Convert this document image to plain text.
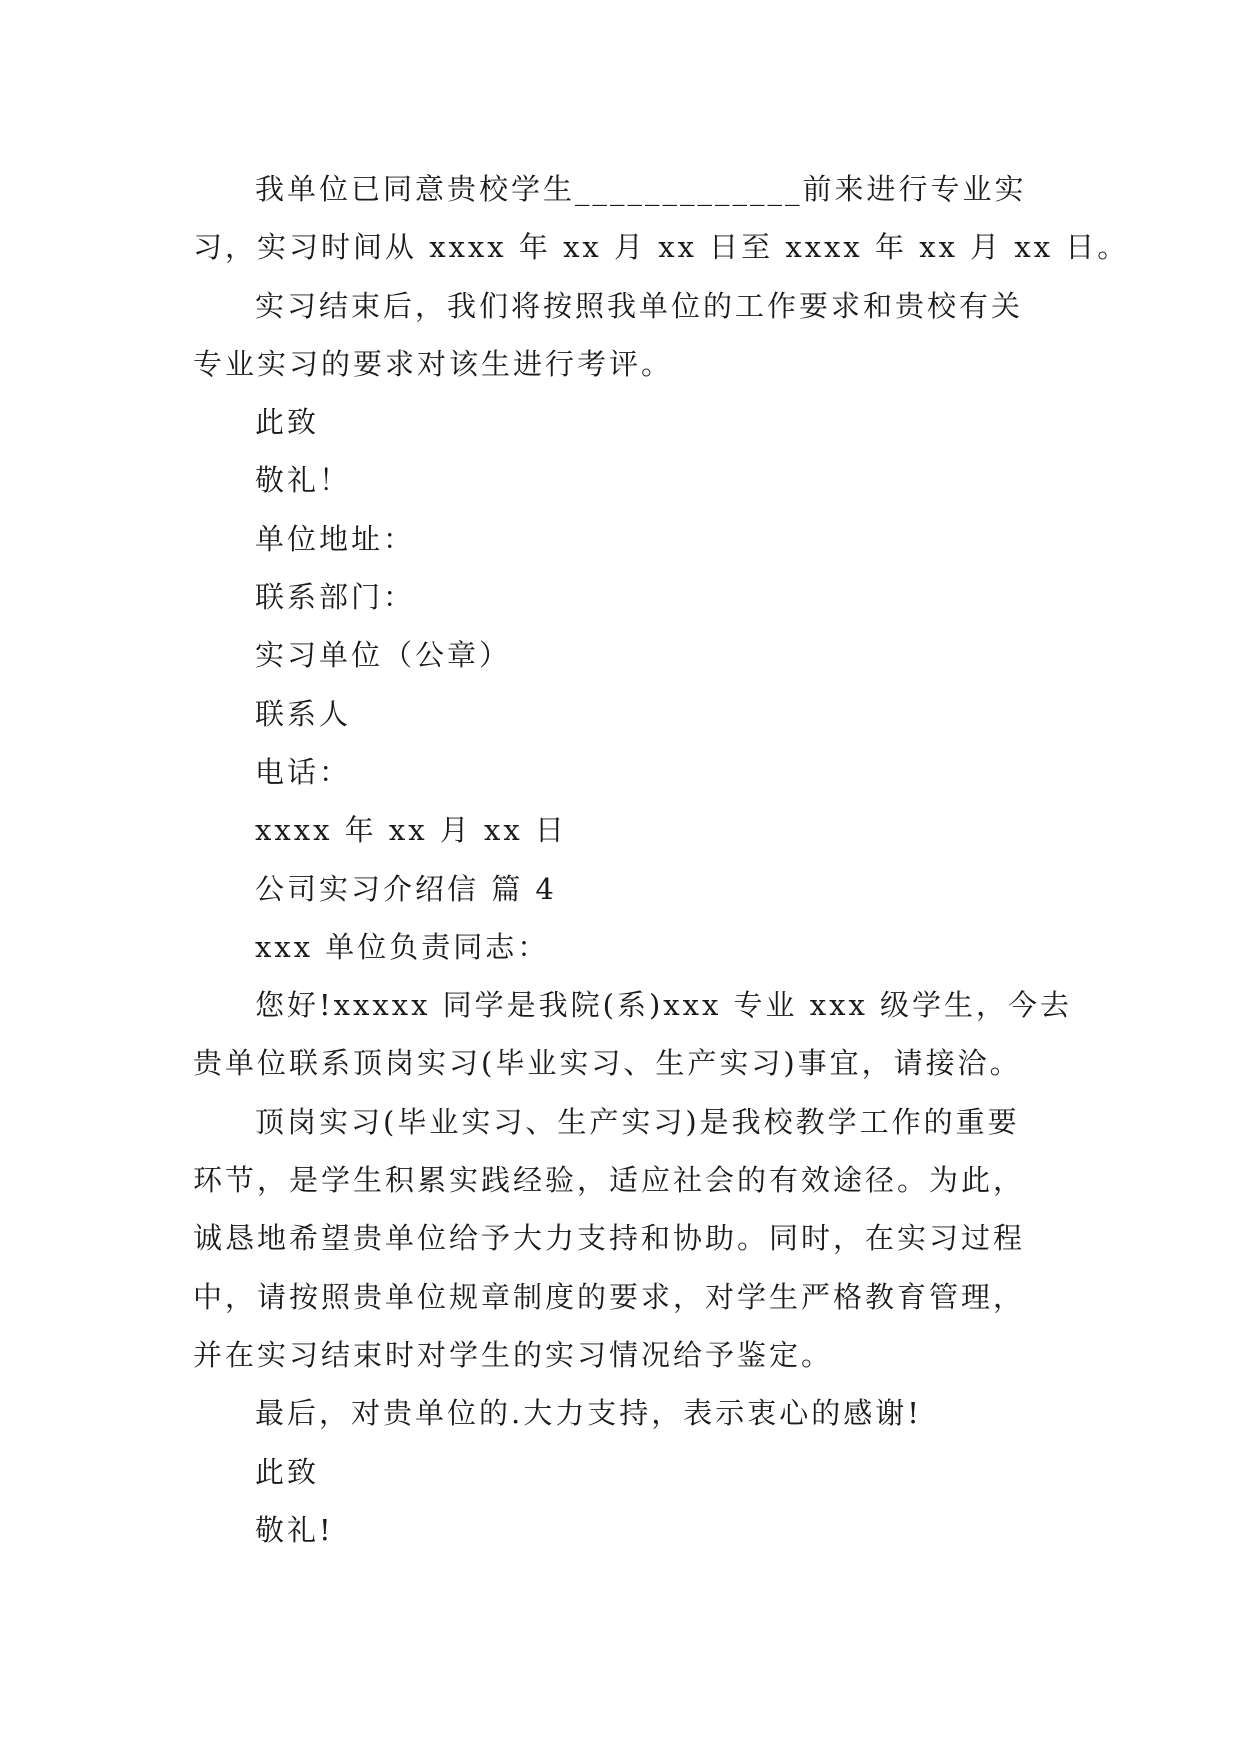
我单位已同意贵校学生_____________前来进行专业实
习，实习时间从 xxxx 年 xx 月 xx 日至 xxxx 年 xx 月 xx 日。
实习结束后，我们将按照我单位的工作要求和贵校有关
专业实习的要求对该生进行考评。
此致
敬礼！
单位地址：
联系部门：
实习单位（公章）
联系人
电话：
xxxx 年 xx 月 xx 日
公司实习介绍信 篇 4
xxx 单位负责同志：
您好!xxxxx 同学是我院(系)xxx 专业 xxx 级学生，今去
贵单位联系顶岗实习(毕业实习、生产实习)事宜，请接洽。
顶岗实习(毕业实习、生产实习)是我校教学工作的重要
环节，是学生积累实践经验，适应社会的有效途径。为此，
诚恳地希望贵单位给予大力支持和协助。同时，在实习过程
中，请按照贵单位规章制度的要求，对学生严格教育管理，
并在实习结束时对学生的实习情况给予鉴定。
最后，对贵单位的.大力支持，表示衷心的感谢!
此致
敬礼!
